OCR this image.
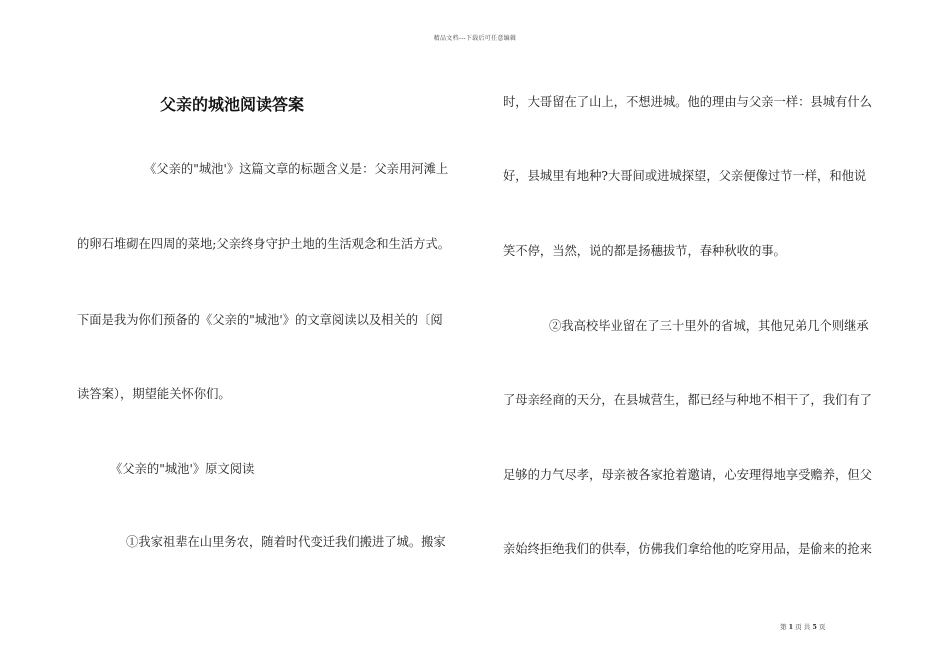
精品文档---下载后可任意编辑
父亲的城池阅读答案
《父亲的"城池'》这篇文章的标题含义是：父亲用河滩上
的卵石堆砌在四周的菜地;父亲终身守护土地的生活观念和生活方式。
下面是我为你们预备的《父亲的"城池'》的文章阅读以及相关的〔阅
读答案），期望能关怀你们。
《父亲的"城池'》原文阅读
①我家祖辈在山里务农，随着时代变迁我们搬进了城。搬家
时，大哥留在了山上，不想进城。他的理由与父亲一样：县城有什么
好，县城里有地种?大哥间或进城探望，父亲便像过节一样，和他说
笑不停，当然，说的都是扬穗拔节，春种秋收的事。
②我高校毕业留在了三十里外的省城，其他兄弟几个则继承
了母亲经商的天分，在县城营生，都已经与种地不相干了，我们有了
足够的力气尽孝，母亲被各家抢着邀请，心安理得地享受赡养，但父
亲始终拒绝我们的供奉，仿佛我们拿给他的吃穿用品，是偷来的抢来
第 1 页 共 5 页
